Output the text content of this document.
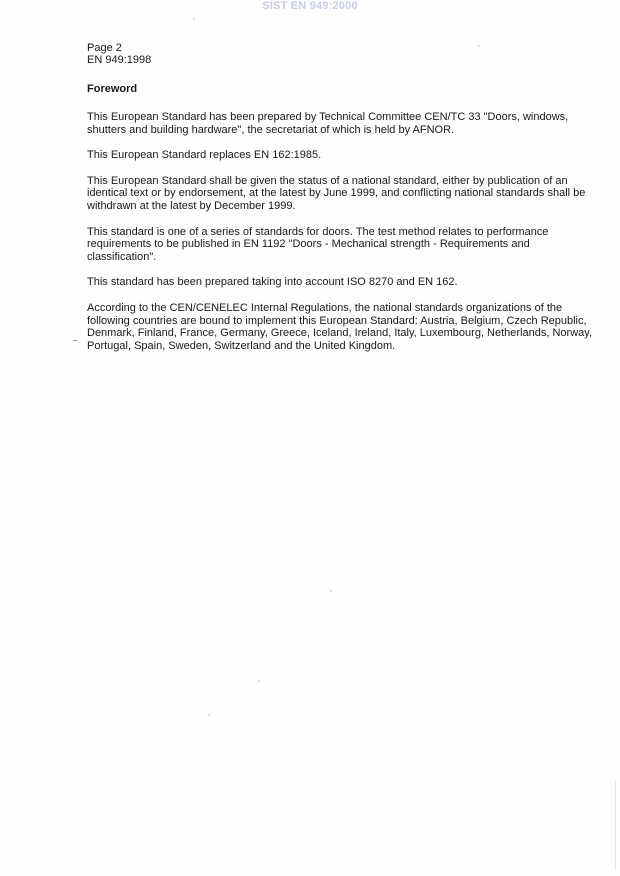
SIST EN 949:2000
Page 2
EN 949:1998
Foreword

This European Standard has been prepared by Technical Committee CEN/TC 33 "Doors, windows, shutters and building hardware", the secretariat of which is held by AFNOR.

This European Standard replaces EN 162:1985.

This European Standard shall be given the status of a national standard, either by publication of an identical text or by endorsement, at the latest by June 1999, and conflicting national standards shall be withdrawn at the latest by December 1999.

This standard is one of a series of standards for doors. The test method relates to performance requirements to be published in EN 1192 "Doors - Mechanical strength - Requirements and classification".

This standard has been prepared taking into account ISO 8270 and EN 162.

According to the CEN/CENELEC Internal Regulations, the national standards organizations of the following countries are bound to implement this European Standard: Austria, Belgium, Czech Republic, Denmark, Finland, France, Germany, Greece, Iceland, Ireland, Italy, Luxembourg, Netherlands, Norway, Portugal, Spain, Sweden, Switzerland and the United Kingdom.
